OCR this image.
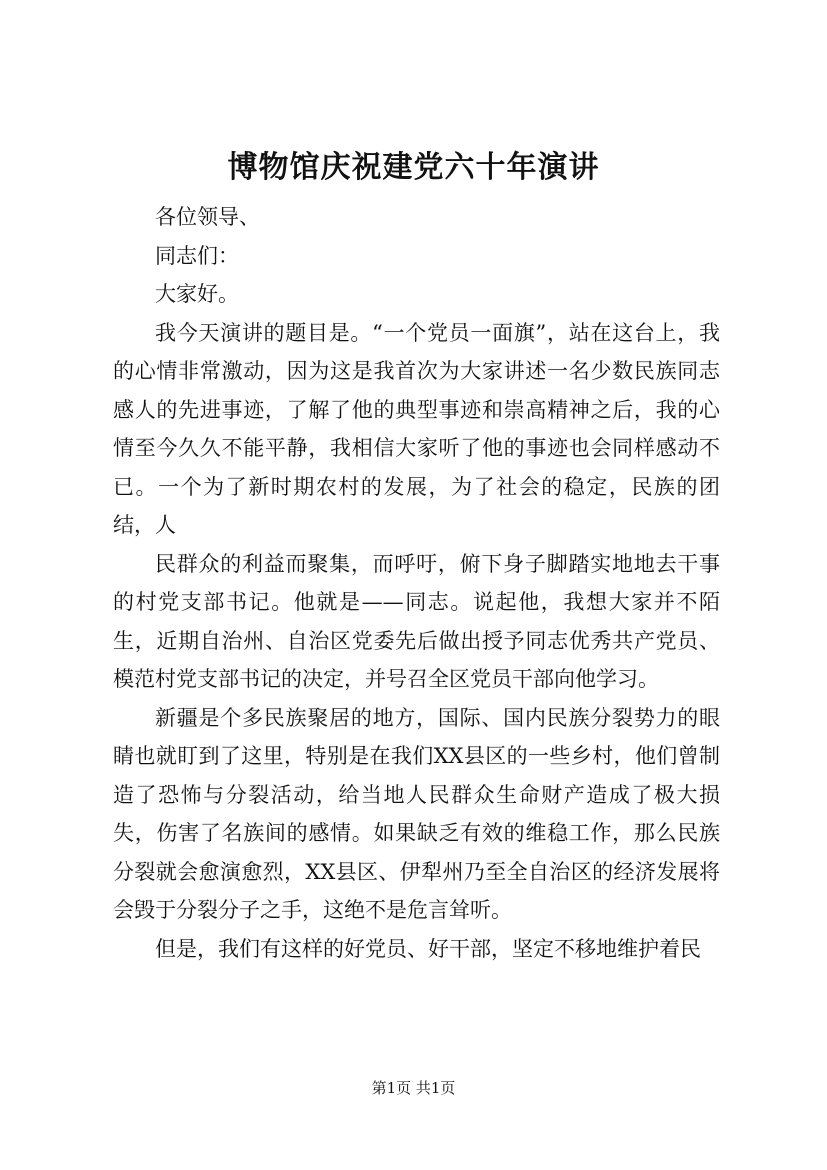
博物馆庆祝建党六十年演讲

各位领导、

同志们：

大家好。

我今天演讲的题目是。“一个党员一面旗”，站在这台上，我的心情非常激动，因为这是我首次为大家讲述一名少数民族同志感人的先进事迹，了解了他的典型事迹和崇高精神之后，我的心情至今久久不能平静，我相信大家听了他的事迹也会同样感动不已。一个为了新时期农村的发展，为了社会的稳定，民族的团结，人

民群众的利益而聚集，而呼吁，俯下身子脚踏实地地去干事的村党支部书记。他就是——同志。说起他，我想大家并不陌生，近期自治州、自治区党委先后做出授予同志优秀共产党员、模范村党支部书记的决定，并号召全区党员干部向他学习。

新疆是个多民族聚居的地方，国际、国内民族分裂势力的眼睛也就盯到了这里，特别是在我们XX县区的一些乡村，他们曾制造了恐怖与分裂活动，给当地人民群众生命财产造成了极大损失，伤害了名族间的感情。如果缺乏有效的维稳工作，那么民族分裂就会愈演愈烈，XX县区、伊犁州乃至全自治区的经济发展将会毁于分裂分子之手，这绝不是危言耸听。

但是，我们有这样的好党员、好干部，坚定不移地维护着民

第1页 共1页
